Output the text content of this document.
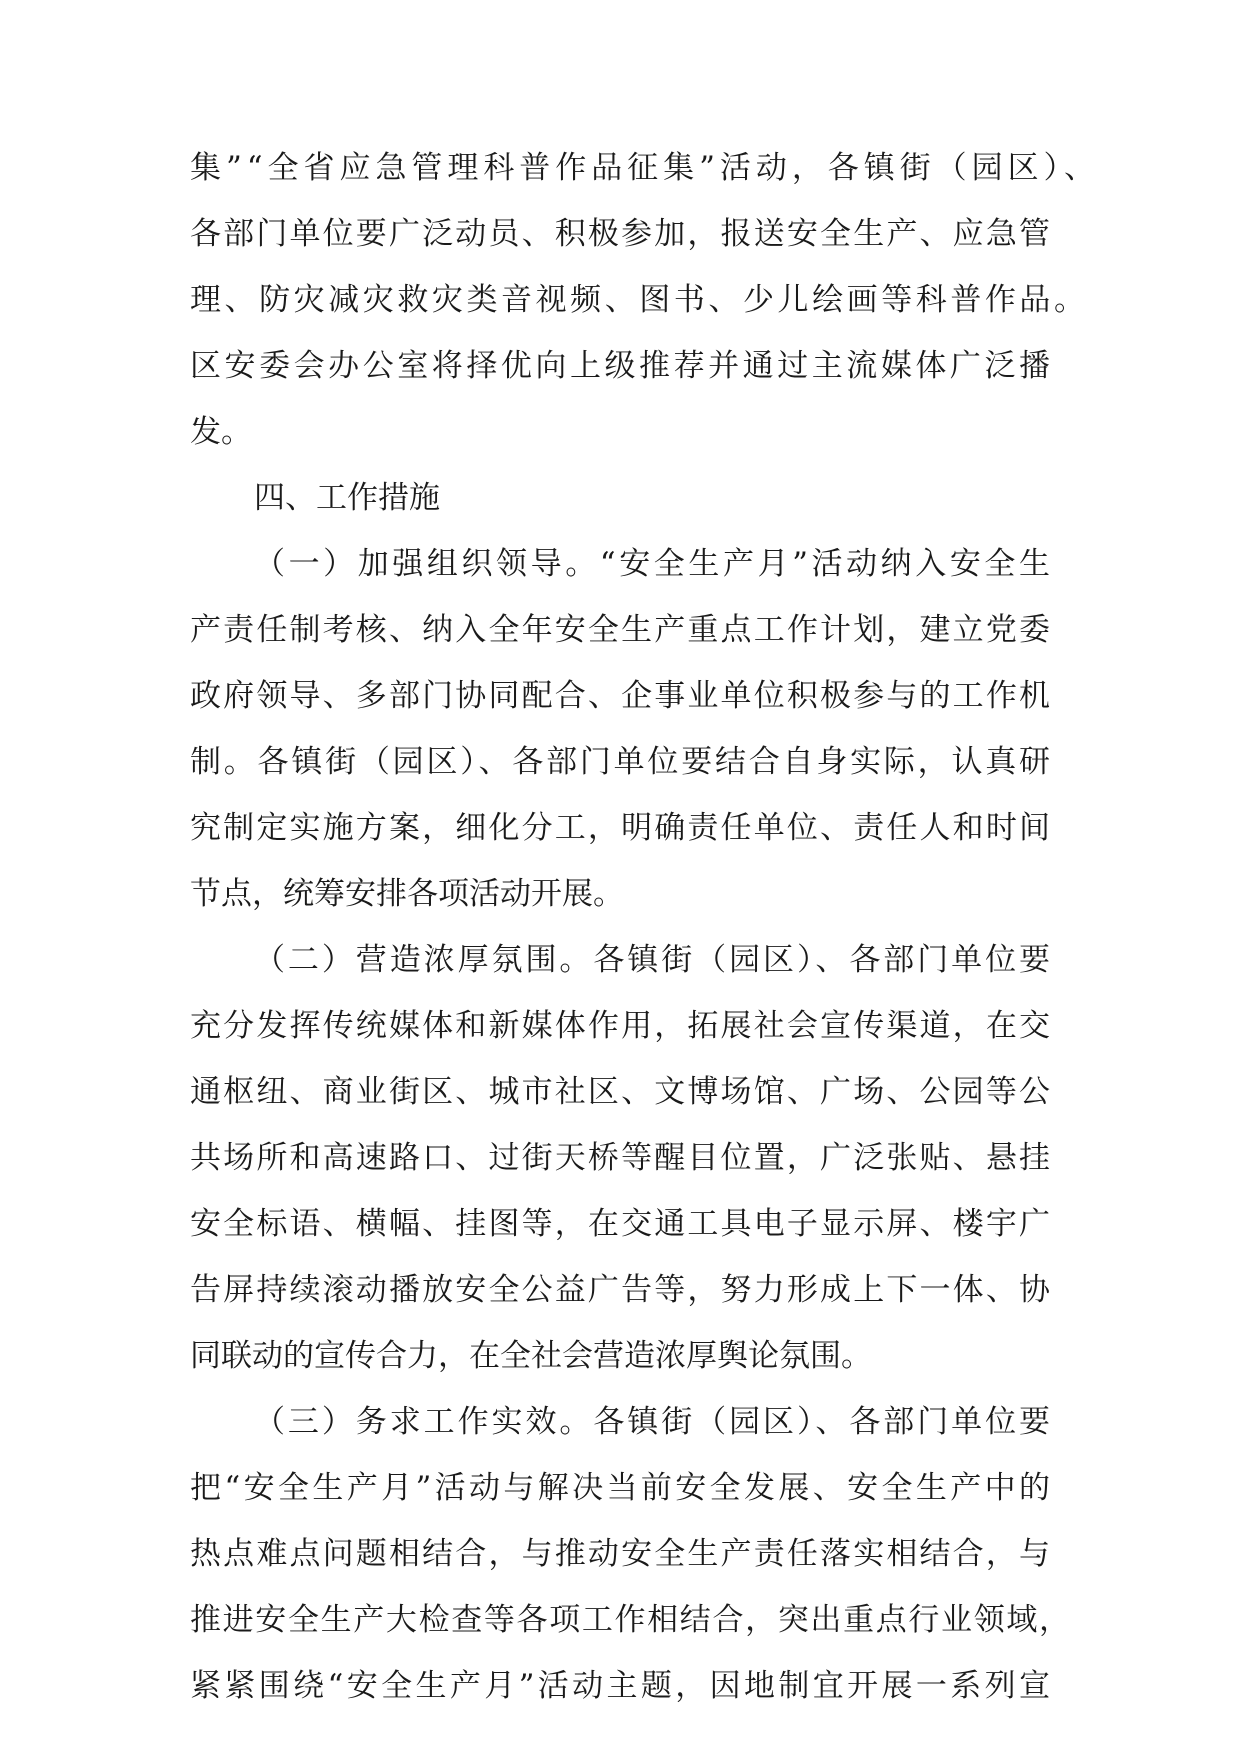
集”“全省应急管理科普作品征集”活动，各镇街（园区）、
各部门单位要广泛动员、积极参加，报送安全生产、应急管
理、防灾减灾救灾类音视频、图书、少儿绘画等科普作品。
区安委会办公室将择优向上级推荐并通过主流媒体广泛播
发。
四、工作措施
（一）加强组织领导。“安全生产月”活动纳入安全生
产责任制考核、纳入全年安全生产重点工作计划，建立党委
政府领导、多部门协同配合、企事业单位积极参与的工作机
制。各镇街（园区）、各部门单位要结合自身实际，认真研
究制定实施方案，细化分工，明确责任单位、责任人和时间
节点，统筹安排各项活动开展。
（二）营造浓厚氛围。各镇街（园区）、各部门单位要
充分发挥传统媒体和新媒体作用，拓展社会宣传渠道，在交
通枢纽、商业街区、城市社区、文博场馆、广场、公园等公
共场所和高速路口、过街天桥等醒目位置，广泛张贴、悬挂
安全标语、横幅、挂图等，在交通工具电子显示屏、楼宇广
告屏持续滚动播放安全公益广告等，努力形成上下一体、协
同联动的宣传合力，在全社会营造浓厚舆论氛围。
（三）务求工作实效。各镇街（园区）、各部门单位要
把“安全生产月”活动与解决当前安全发展、安全生产中的
热点难点问题相结合，与推动安全生产责任落实相结合，与
推进安全生产大检查等各项工作相结合，突出重点行业领域，
紧紧围绕“安全生产月”活动主题，因地制宜开展一系列宣
